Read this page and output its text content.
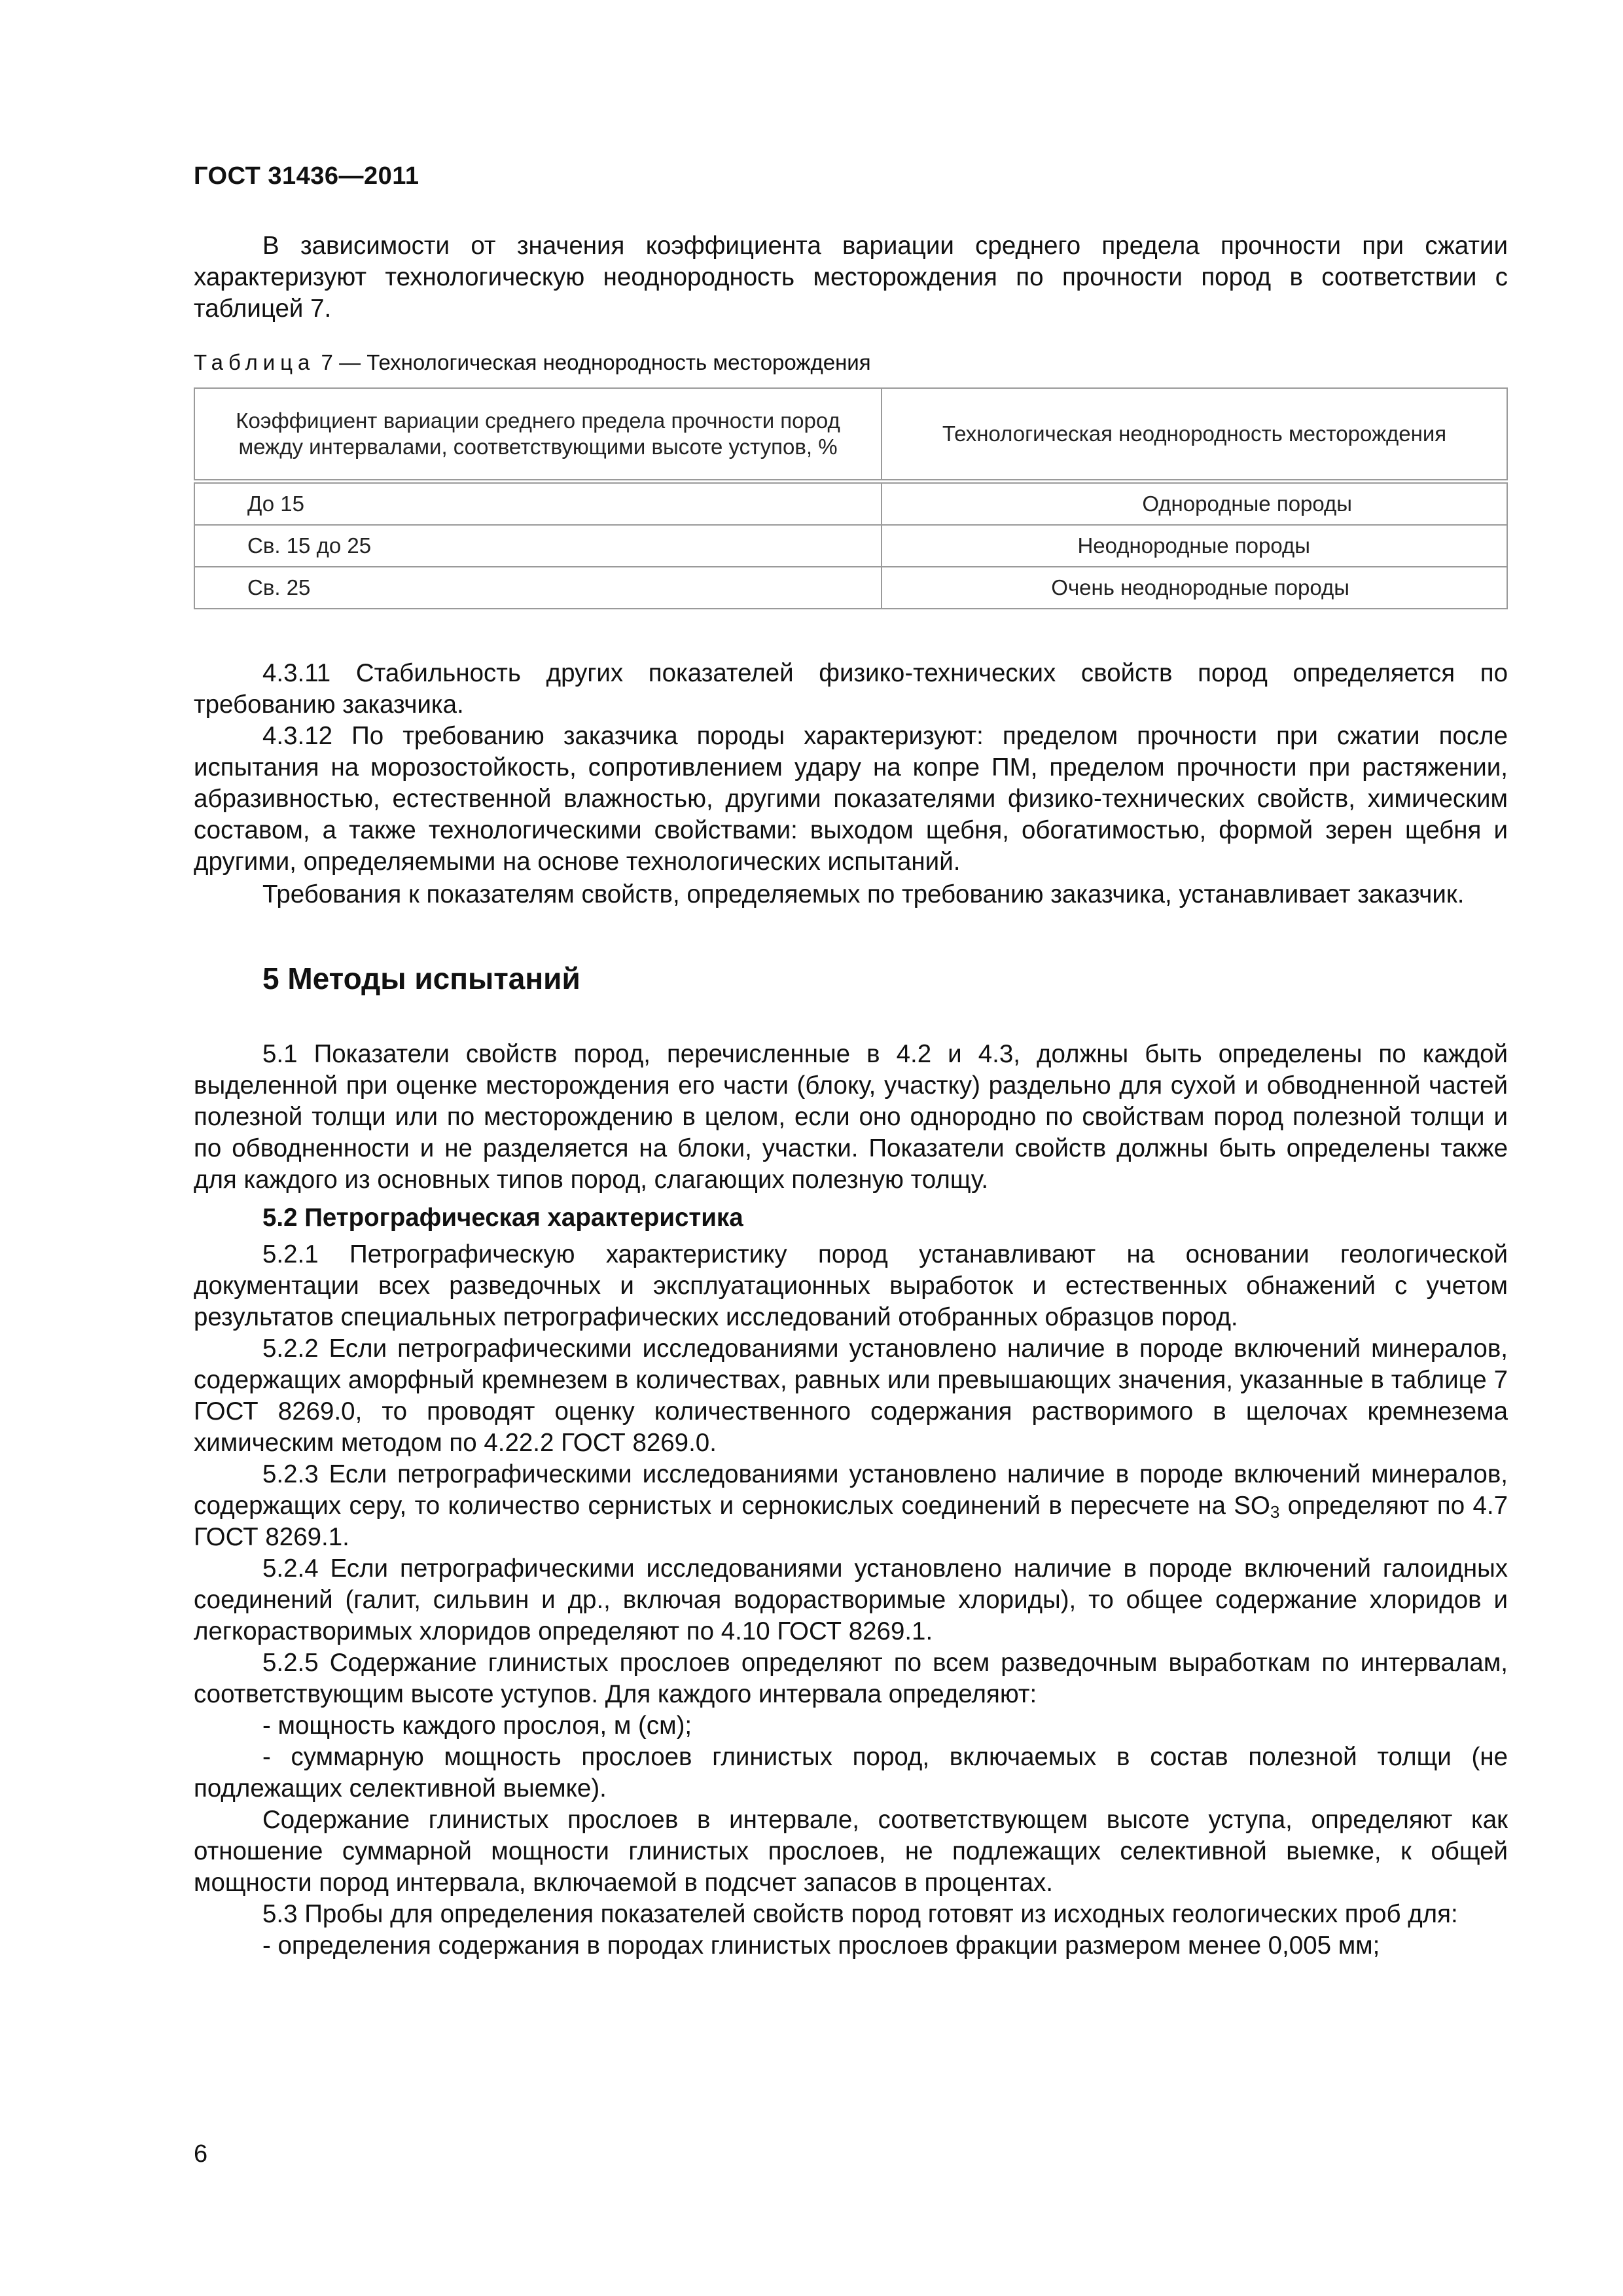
ГОСТ 31436—2011

В зависимости от значения коэффициента вариации среднего предела прочности при сжатии характеризуют технологическую неоднородность месторождения по прочности пород в соответствии с таблицей 7.

Таблица 7 — Технологическая неоднородность месторождения
Коэффициент вариации среднего предела прочности пород между интервалами, соответствующими высоте уступов, %	Технологическая неоднородность месторождения
До 15	Однородные породы
Св. 15 до 25	Неоднородные породы
Св. 25	Очень неоднородные породы

4.3.11 Стабильность других показателей физико-технических свойств пород определяется по требованию заказчика.

4.3.12 По требованию заказчика породы характеризуют: пределом прочности при сжатии после испытания на морозостойкость, сопротивлением удару на копре ПМ, пределом прочности при растяжении, абразивностью, естественной влажностью, другими показателями физико-технических свойств, химическим составом, а также технологическими свойствами: выходом щебня, обогатимостью, формой зерен щебня и другими, определяемыми на основе технологических испытаний.

Требования к показателям свойств, определяемых по требованию заказчика, устанавливает заказчик.

5 Методы испытаний

5.1 Показатели свойств пород, перечисленные в 4.2 и 4.3, должны быть определены по каждой выделенной при оценке месторождения его части (блоку, участку) раздельно для сухой и обводненной частей полезной толщи или по месторождению в целом, если оно однородно по свойствам пород полезной толщи и по обводненности и не разделяется на блоки, участки. Показатели свойств должны быть определены также для каждого из основных типов пород, слагающих полезную толщу.

5.2 Петрографическая характеристика

5.2.1 Петрографическую характеристику пород устанавливают на основании геологической документации всех разведочных и эксплуатационных выработок и естественных обнажений с учетом результатов специальных петрографических исследований отобранных образцов пород.

5.2.2 Если петрографическими исследованиями установлено наличие в породе включений минералов, содержащих аморфный кремнезем в количествах, равных или превышающих значения, указанные в таблице 7 ГОСТ 8269.0, то проводят оценку количественного содержания растворимого в щелочах кремнезема химическим методом по 4.22.2 ГОСТ 8269.0.

5.2.3 Если петрографическими исследованиями установлено наличие в породе включений минералов, содержащих серу, то количество сернистых и сернокислых соединений в пересчете на $SO_3$ определяют по 4.7 ГОСТ 8269.1.

5.2.4 Если петрографическими исследованиями установлено наличие в породе включений галоидных соединений (галит, сильвин и др., включая водорастворимые хлориды), то общее содержание хлоридов и легкорастворимых хлоридов определяют по 4.10 ГОСТ 8269.1.

5.2.5 Содержание глинистых прослоев определяют по всем разведочным выработкам по интервалам, соответствующим высоте уступов. Для каждого интервала определяют:

- мощность каждого прослоя, м (см);

- суммарную мощность прослоев глинистых пород, включаемых в состав полезной толщи (не подлежащих селективной выемке).

Содержание глинистых прослоев в интервале, соответствующем высоте уступа, определяют как отношение суммарной мощности глинистых прослоев, не подлежащих селективной выемке, к общей мощности пород интервала, включаемой в подсчет запасов в процентах.

5.3 Пробы для определения показателей свойств пород готовят из исходных геологических проб для:

- определения содержания в породах глинистых прослоев фракции размером менее 0,005 мм;

6
